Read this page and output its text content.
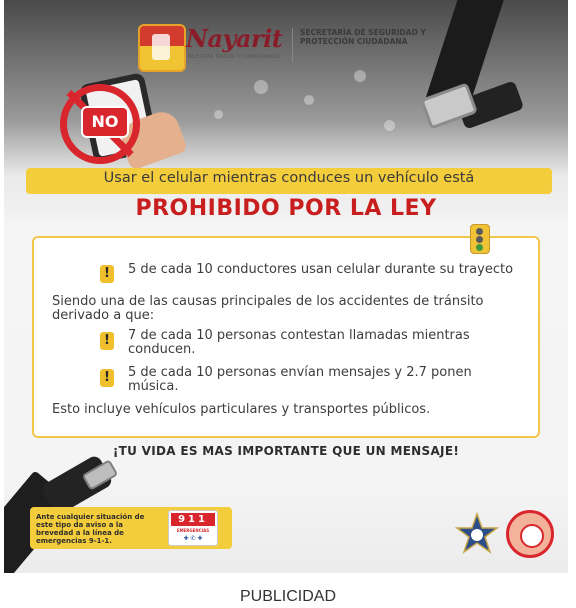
Nayarit
NUESTRA RAZÓN Y COMPROMISO
SECRETARÍA DE SEGURIDAD Y PROTECCIÓN CIUDADANA
NO
Usar el celular mientras conduces un vehículo está
PROHIBIDO POR LA LEY
!	5 de cada 10 conductores usan celular durante su trayecto
Siendo una de las causas principales de los accidentes de tránsito derivado a que:
!	7 de cada 10 personas contestan llamadas mientras conducen.
!	5 de cada 10 personas envían mensajes y 2.7 ponen música.
Esto incluye vehículos particulares y transportes públicos.
¡TU VIDA ES MAS IMPORTANTE QUE UN MENSAJE!
Ante cualquier situación de este tipo da aviso a la brevedad a la línea de emergencias 9-1-1.
911
EMERGENCIAS
✚ ✆ ✚
PUBLICIDAD
